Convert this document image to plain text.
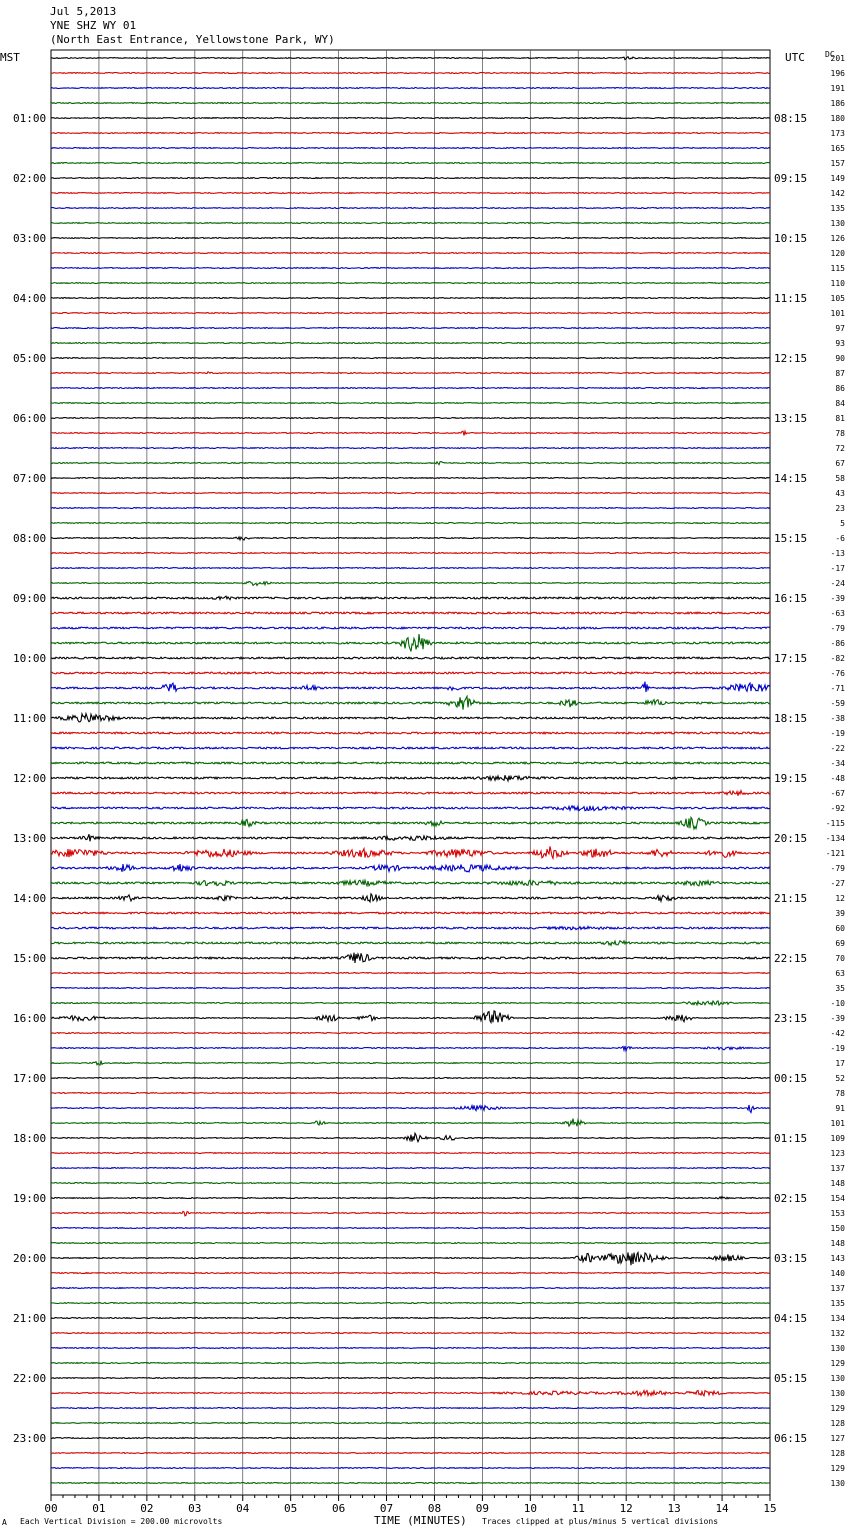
Jul 5,2013
YNE SHZ WY 01
(North East Entrance, Yellowstone Park, WY)
01:00
02:00
03:00
04:00
05:00
06:00
07:00
08:00
09:00
10:00
11:00
12:00
13:00
14:00
15:00
16:00
17:00
18:00
19:00
20:00
21:00
22:00
23:00
08:15
09:15
10:15
11:15
12:15
13:15
14:15
15:15
16:15
17:15
18:15
19:15
20:15
21:15
22:15
23:15
00:15
01:15
02:15
03:15
04:15
05:15
06:15
201
196
191
186
180
173
165
157
149
142
135
130
126
120
115
110
105
101
97
93
90
87
86
84
81
78
72
67
58
43
23
5
-6
-13
-17
-24
-39
-63
-79
-86
-82
-76
-71
-59
-38
-19
-22
-34
-48
-67
-92
-115
-134
-121
-79
-27
12
39
60
69
70
63
35
-10
-39
-42
-19
17
52
78
91
101
109
123
137
148
154
153
150
148
143
140
137
135
134
132
130
129
130
130
129
128
127
128
129
130
00	01	02	03	04	05	06	07	08	09	10	11	12	13	14	15
MST	UTC	DC
A Each Vertical Division = 200.00 microvolts	TIME (MINUTES) Traces clipped at plus/minus 5 vertical divisions
